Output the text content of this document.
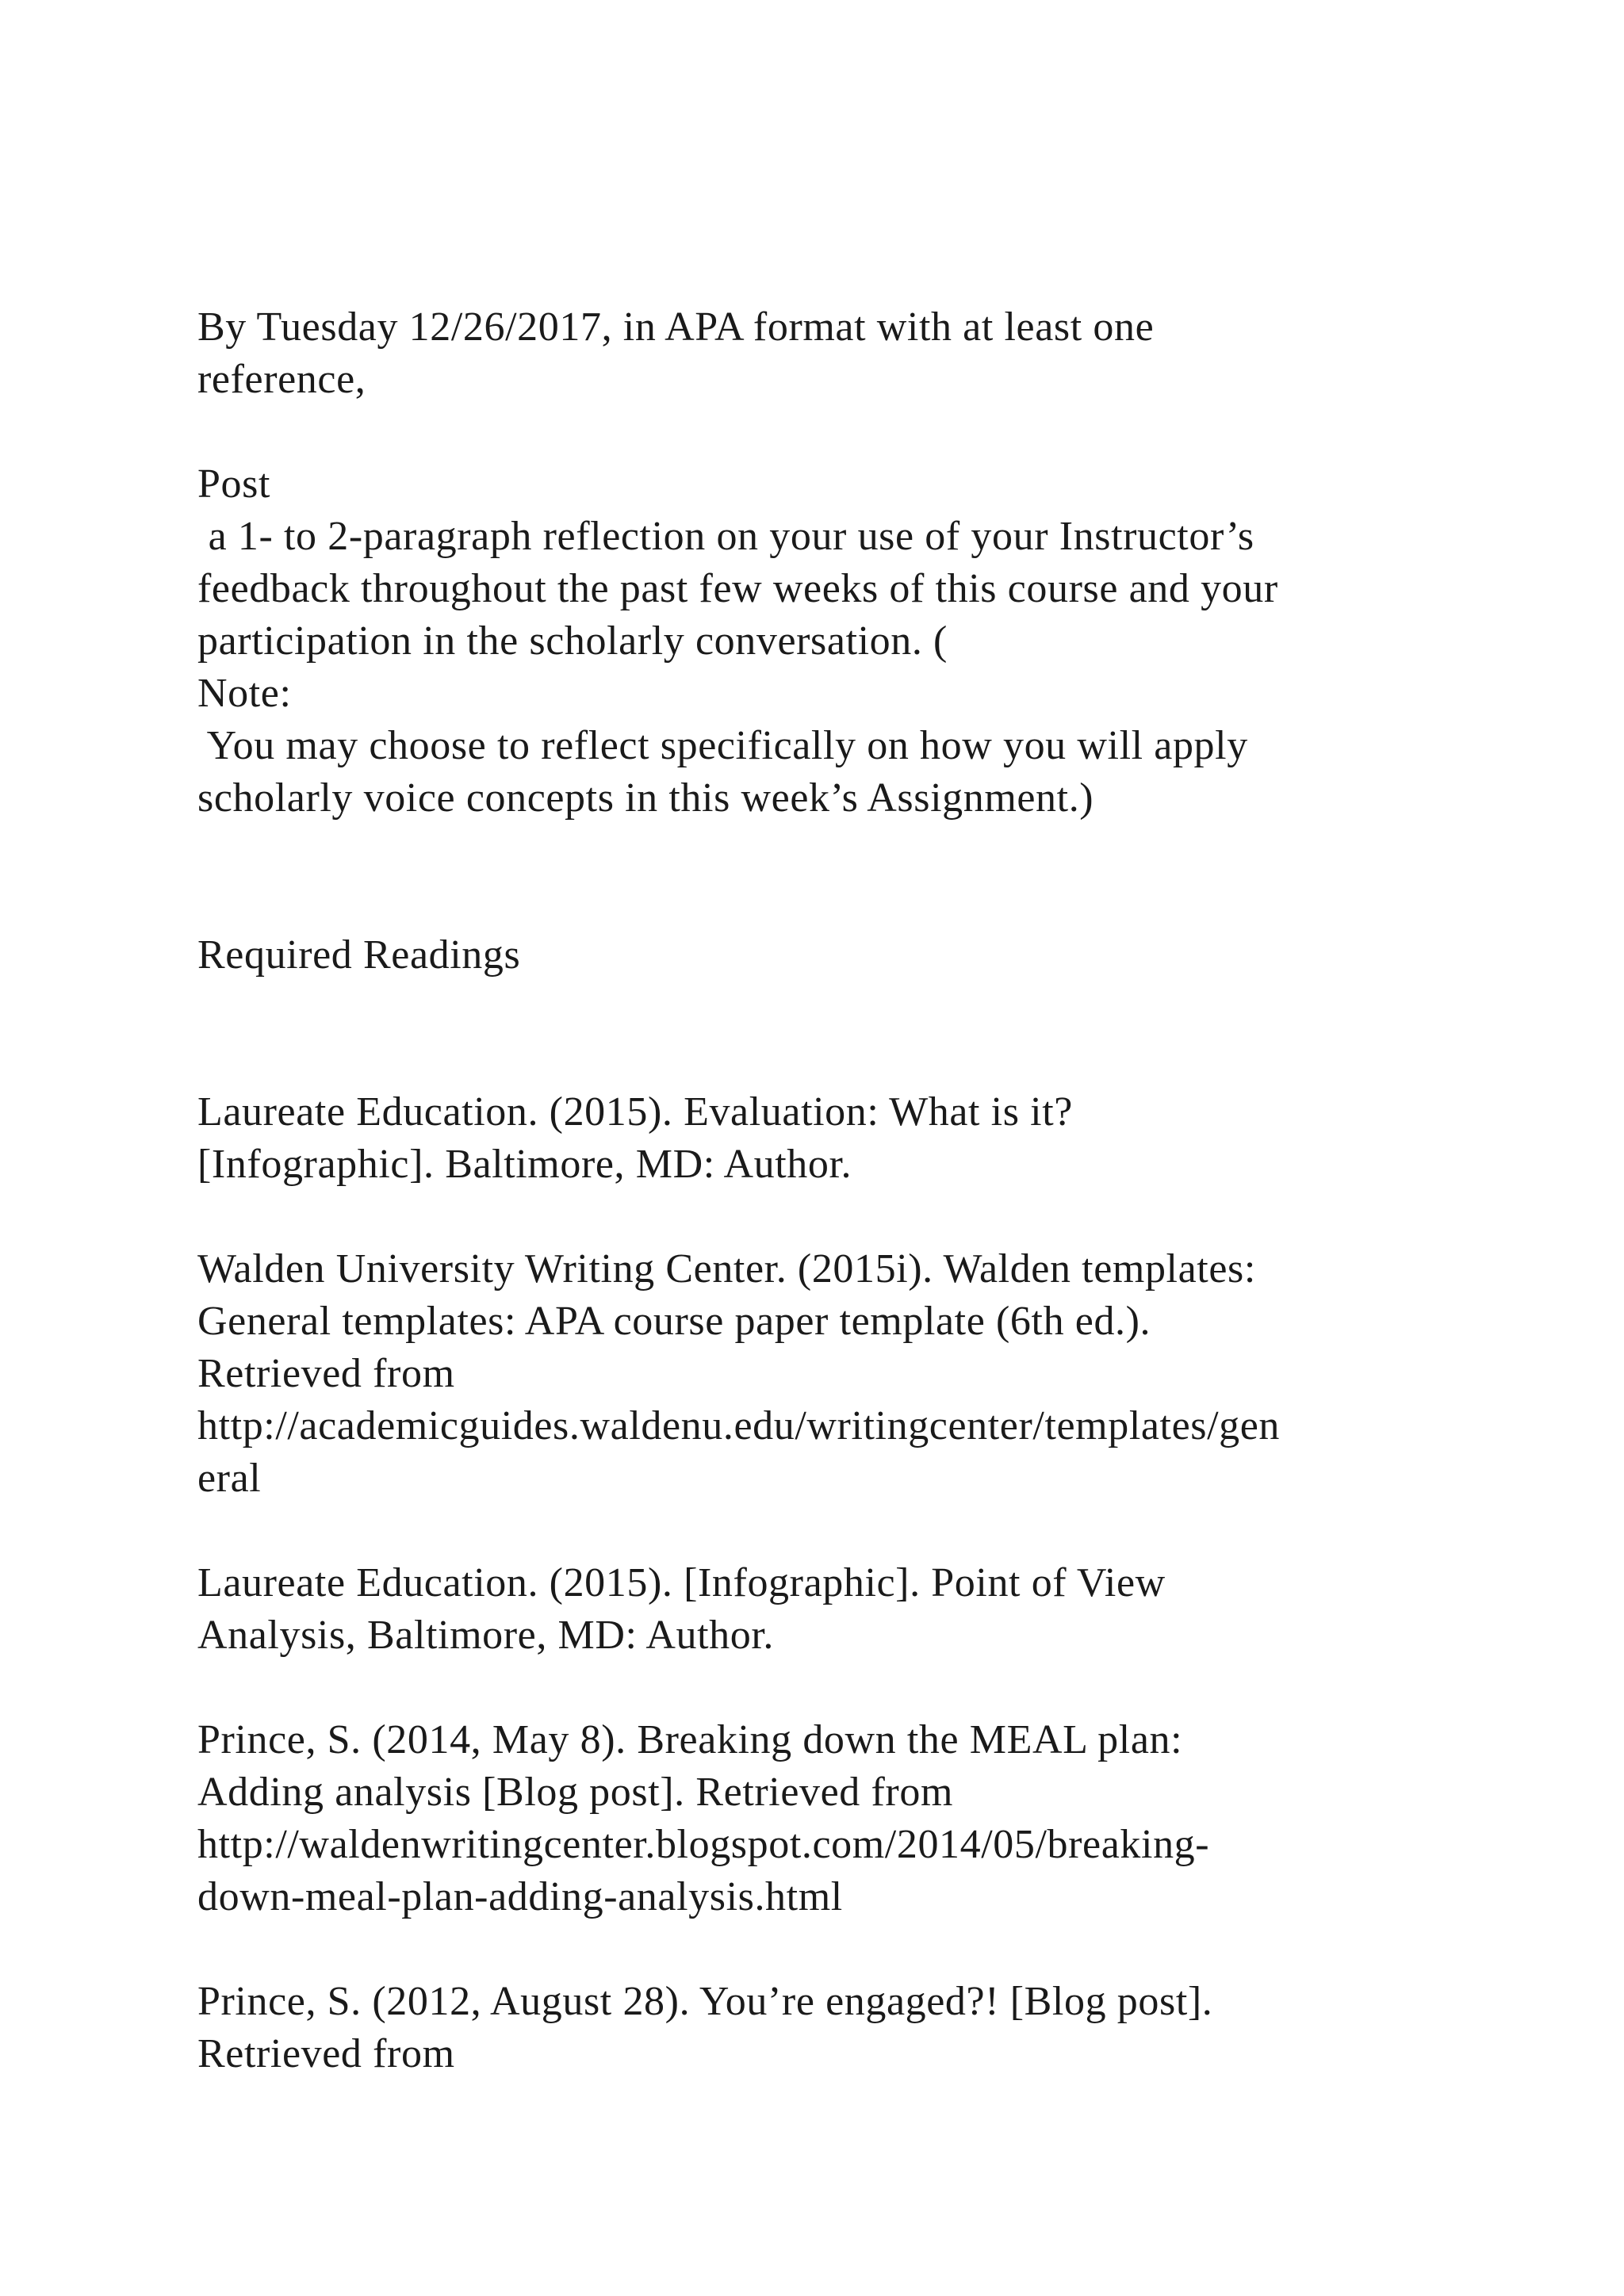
By Tuesday 12/26/2017, in APA format with at least one

reference,

Post

a 1- to 2-paragraph reflection on your use of your Instructor’s

feedback throughout the past few weeks of this course and your

participation in the scholarly conversation. (

Note:

You may choose to reflect specifically on how you will apply

scholarly voice concepts in this week’s Assignment.)

Required Readings

Laureate Education. (2015). Evaluation: What is it?

[Infographic]. Baltimore, MD: Author.

Walden University Writing Center. (2015i). Walden templates:

General templates: APA course paper template (6th ed.).

Retrieved from

http://academicguides.waldenu.edu/writingcenter/templates/gen

eral

Laureate Education. (2015). [Infographic]. Point of View

Analysis, Baltimore, MD: Author.

Prince, S. (2014, May 8). Breaking down the MEAL plan:

Adding analysis [Blog post]. Retrieved from

http://waldenwritingcenter.blogspot.com/2014/05/breaking-

down-meal-plan-adding-analysis.html

Prince, S. (2012, August 28). You’re engaged?! [Blog post].

Retrieved from
